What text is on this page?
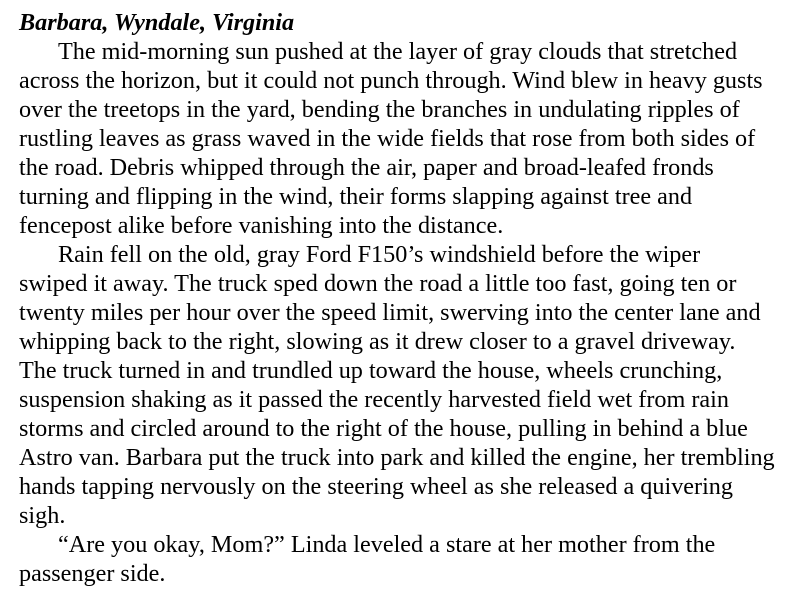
Barbara, Wyndale, Virginia

The mid-morning sun pushed at the layer of gray clouds that stretched

across the horizon, but it could not punch through. Wind blew in heavy gusts

over the treetops in the yard, bending the branches in undulating ripples of

rustling leaves as grass waved in the wide fields that rose from both sides of

the road. Debris whipped through the air, paper and broad-leafed fronds

turning and flipping in the wind, their forms slapping against tree and

fencepost alike before vanishing into the distance.

Rain fell on the old, gray Ford F150’s windshield before the wiper

swiped it away. The truck sped down the road a little too fast, going ten or

twenty miles per hour over the speed limit, swerving into the center lane and

whipping back to the right, slowing as it drew closer to a gravel driveway.

The truck turned in and trundled up toward the house, wheels crunching,

suspension shaking as it passed the recently harvested field wet from rain

storms and circled around to the right of the house, pulling in behind a blue

Astro van. Barbara put the truck into park and killed the engine, her trembling

hands tapping nervously on the steering wheel as she released a quivering

sigh.

“Are you okay, Mom?” Linda leveled a stare at her mother from the

passenger side.
